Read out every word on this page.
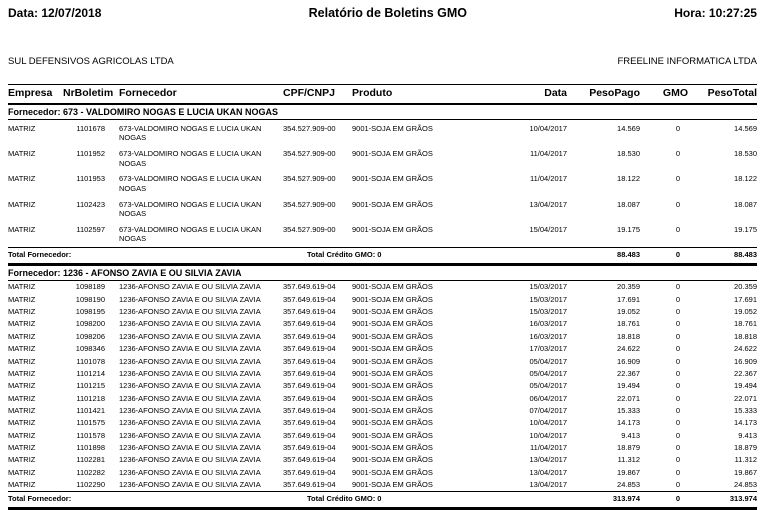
Data: 12/07/2018	Relatório de Boletins GMO	Hora: 10:27:25
SUL DEFENSIVOS AGRICOLAS LTDA	FREELINE INFORMATICA LTDA
Empresa	NrBoletim	Fornecedor	CPF/CNPJ	Produto	Data	PesoPago	GMO	PesoTotal
Fornecedor: 673 - VALDOMIRO NOGAS E LUCIA UKAN NOGAS								
MATRIZ	1101678	673-VALDOMIRO NOGAS E LUCIA UKAN NOGAS	354.527.909-00	9001-SOJA EM GRÃOS	10/04/2017	14.569	0	14.569
MATRIZ	1101952	673-VALDOMIRO NOGAS E LUCIA UKAN NOGAS	354.527.909-00	9001-SOJA EM GRÃOS	11/04/2017	18.530	0	18.530
MATRIZ	1101953	673-VALDOMIRO NOGAS E LUCIA UKAN NOGAS	354.527.909-00	9001-SOJA EM GRÃOS	11/04/2017	18.122	0	18.122
MATRIZ	1102423	673-VALDOMIRO NOGAS E LUCIA UKAN NOGAS	354.527.909-00	9001-SOJA EM GRÃOS	13/04/2017	18.087	0	18.087
MATRIZ	1102597	673-VALDOMIRO NOGAS E LUCIA UKAN NOGAS	354.527.909-00	9001-SOJA EM GRÃOS	15/04/2017	19.175	0	19.175
Total Fornecedor:			Total Crédito GMO: 0			88.483	0	88.483
Fornecedor: 1236 - AFONSO ZAVIA E OU SILVIA ZAVIA								
MATRIZ	1098189	1236-AFONSO ZAVIA E OU SILVIA ZAVIA	357.649.619-04	9001-SOJA EM GRÃOS	15/03/2017	20.359	0	20.359
MATRIZ	1098190	1236-AFONSO ZAVIA E OU SILVIA ZAVIA	357.649.619-04	9001-SOJA EM GRÃOS	15/03/2017	17.691	0	17.691
MATRIZ	1098195	1236-AFONSO ZAVIA E OU SILVIA ZAVIA	357.649.619-04	9001-SOJA EM GRÃOS	15/03/2017	19.052	0	19.052
MATRIZ	1098200	1236-AFONSO ZAVIA E OU SILVIA ZAVIA	357.649.619-04	9001-SOJA EM GRÃOS	16/03/2017	18.761	0	18.761
MATRIZ	1098206	1236-AFONSO ZAVIA E OU SILVIA ZAVIA	357.649.619-04	9001-SOJA EM GRÃOS	16/03/2017	18.818	0	18.818
MATRIZ	1098346	1236-AFONSO ZAVIA E OU SILVIA ZAVIA	357.649.619-04	9001-SOJA EM GRÃOS	17/03/2017	24.622	0	24.622
MATRIZ	1101078	1236-AFONSO ZAVIA E OU SILVIA ZAVIA	357.649.619-04	9001-SOJA EM GRÃOS	05/04/2017	16.909	0	16.909
MATRIZ	1101214	1236-AFONSO ZAVIA E OU SILVIA ZAVIA	357.649.619-04	9001-SOJA EM GRÃOS	05/04/2017	22.367	0	22.367
MATRIZ	1101215	1236-AFONSO ZAVIA E OU SILVIA ZAVIA	357.649.619-04	9001-SOJA EM GRÃOS	05/04/2017	19.494	0	19.494
MATRIZ	1101218	1236-AFONSO ZAVIA E OU SILVIA ZAVIA	357.649.619-04	9001-SOJA EM GRÃOS	06/04/2017	22.071	0	22.071
MATRIZ	1101421	1236-AFONSO ZAVIA E OU SILVIA ZAVIA	357.649.619-04	9001-SOJA EM GRÃOS	07/04/2017	15.333	0	15.333
MATRIZ	1101575	1236-AFONSO ZAVIA E OU SILVIA ZAVIA	357.649.619-04	9001-SOJA EM GRÃOS	10/04/2017	14.173	0	14.173
MATRIZ	1101578	1236-AFONSO ZAVIA E OU SILVIA ZAVIA	357.649.619-04	9001-SOJA EM GRÃOS	10/04/2017	9.413	0	9.413
MATRIZ	1101898	1236-AFONSO ZAVIA E OU SILVIA ZAVIA	357.649.619-04	9001-SOJA EM GRÃOS	11/04/2017	18.879	0	18.879
MATRIZ	1102281	1236-AFONSO ZAVIA E OU SILVIA ZAVIA	357.649.619-04	9001-SOJA EM GRÃOS	13/04/2017	11.312	0	11.312
MATRIZ	1102282	1236-AFONSO ZAVIA E OU SILVIA ZAVIA	357.649.619-04	9001-SOJA EM GRÃOS	13/04/2017	19.867	0	19.867
MATRIZ	1102290	1236-AFONSO ZAVIA E OU SILVIA ZAVIA	357.649.619-04	9001-SOJA EM GRÃOS	13/04/2017	24.853	0	24.853
Total Fornecedor:			Total Crédito GMO: 0			313.974	0	313.974
